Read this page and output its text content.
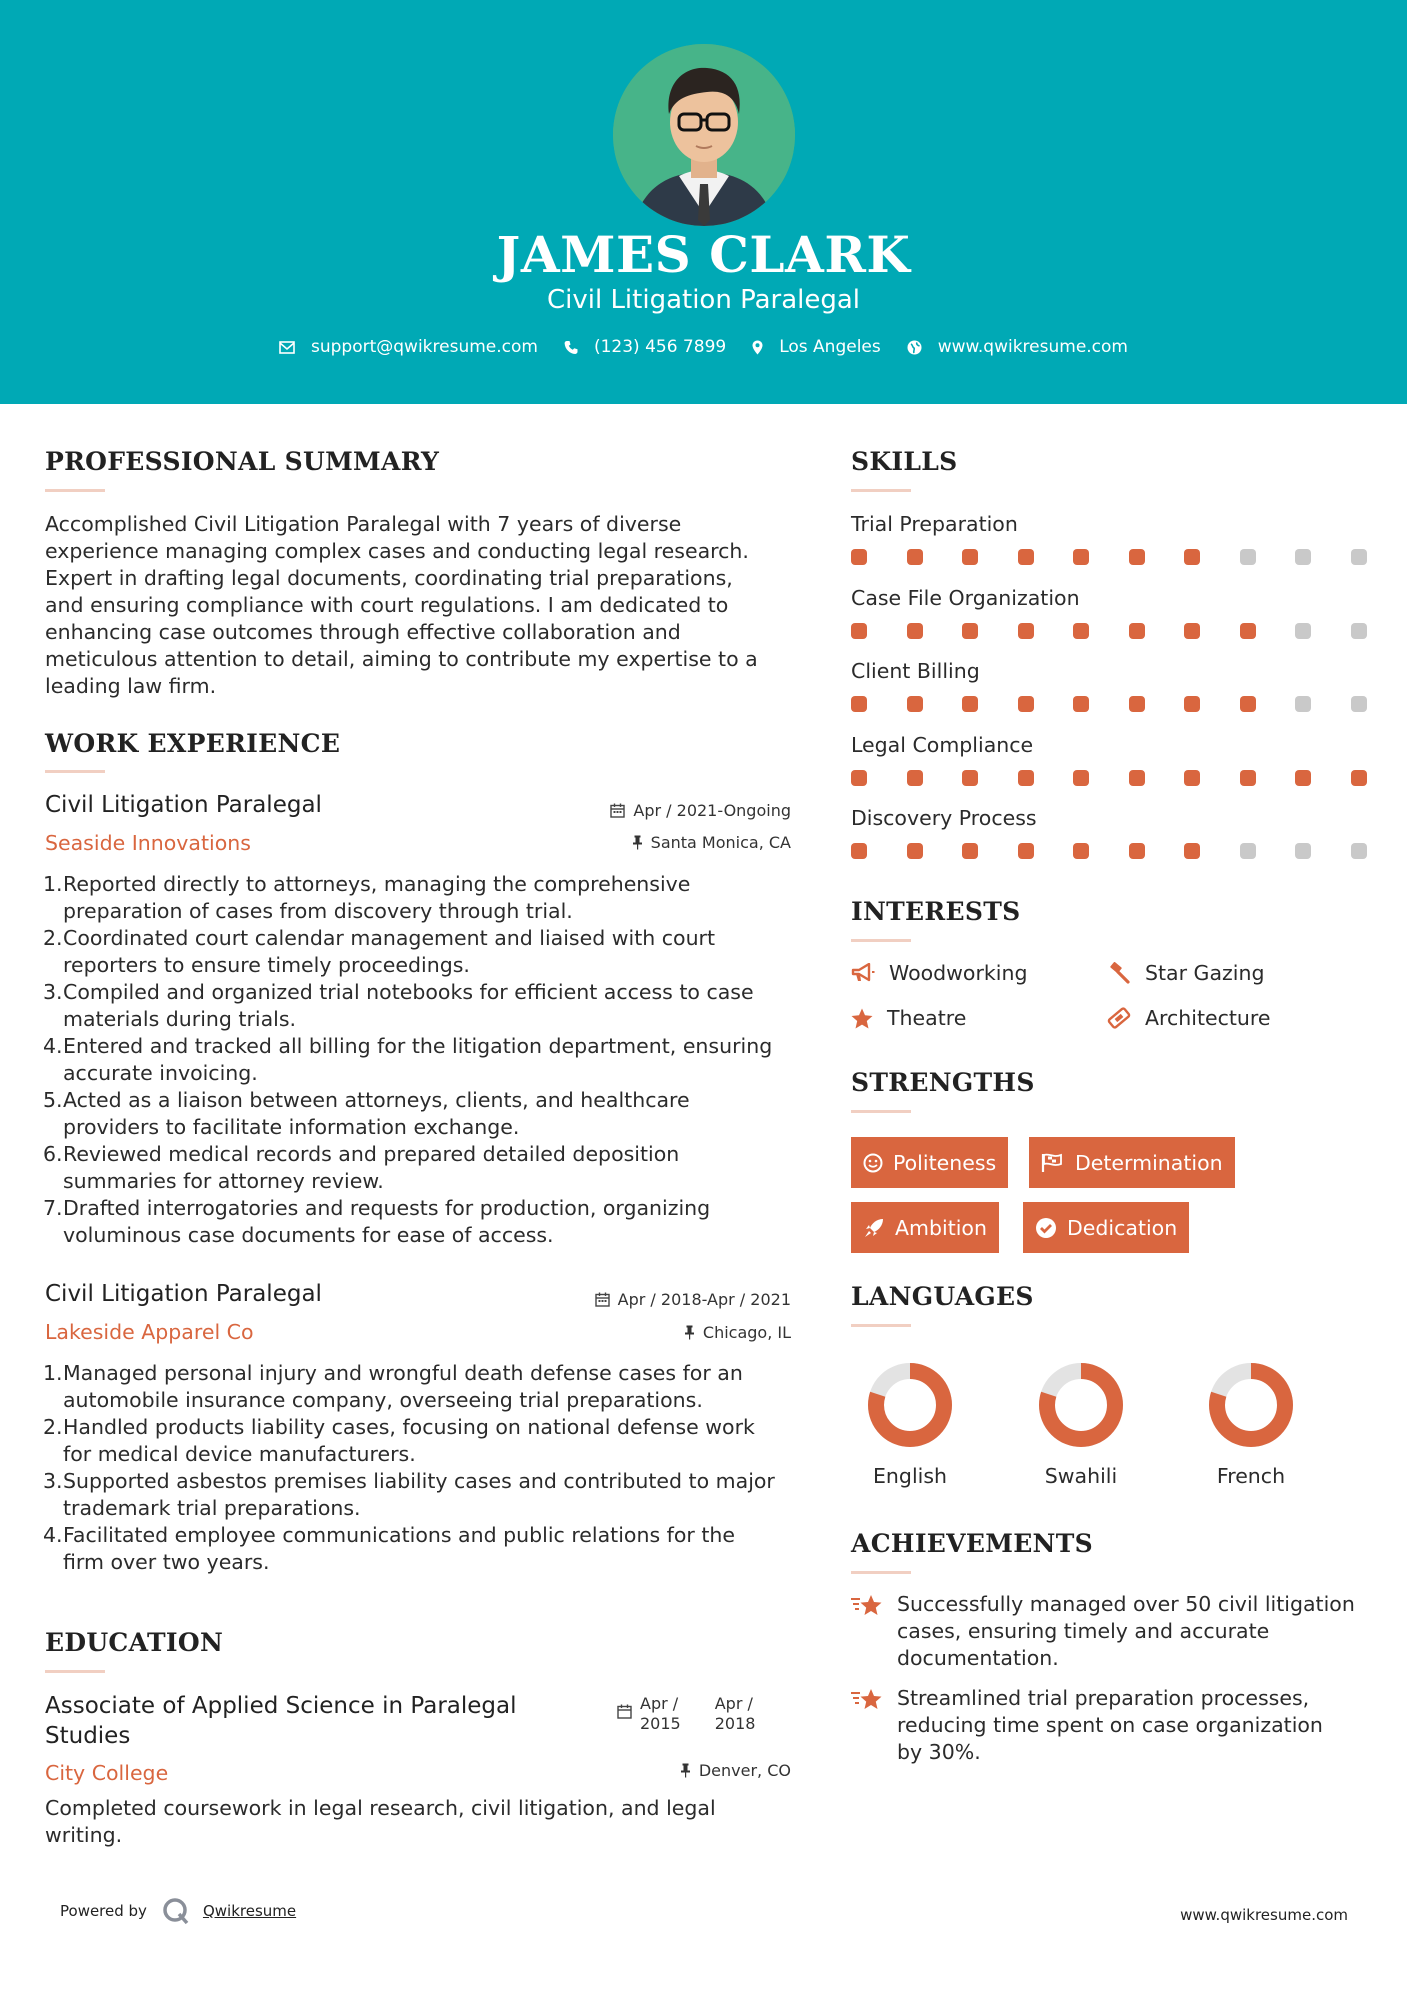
JAMES CLARK
Civil Litigation Paralegal
support@qwikresume.com	(123) 456 7899	Los Angeles	www.qwikresume.com
PROFESSIONAL SUMMARY
Accomplished Civil Litigation Paralegal with 7 years of diverse
experience managing complex cases and conducting legal research.
Expert in drafting legal documents, coordinating trial preparations,
and ensuring compliance with court regulations. I am dedicated to
enhancing case outcomes through effective collaboration and
meticulous attention to detail, aiming to contribute my expertise to a
leading law firm.
WORK EXPERIENCE
Civil Litigation Paralegal
Seaside Innovations
Apr / 2021-Ongoing
Santa Monica, CA
1. Reported directly to attorneys, managing the comprehensive
preparation of cases from discovery through trial.
2. Coordinated court calendar management and liaised with court
reporters to ensure timely proceedings.
3. Compiled and organized trial notebooks for efficient access to case
materials during trials.
4. Entered and tracked all billing for the litigation department, ensuring
accurate invoicing.
5. Acted as a liaison between attorneys, clients, and healthcare
providers to facilitate information exchange.
6. Reviewed medical records and prepared detailed deposition
summaries for attorney review.
7. Drafted interrogatories and requests for production, organizing
voluminous case documents for ease of access.
Civil Litigation Paralegal
Lakeside Apparel Co
Apr / 2018-Apr / 2021
Chicago, IL
1. Managed personal injury and wrongful death defense cases for an
automobile insurance company, overseeing trial preparations.
2. Handled products liability cases, focusing on national defense work
for medical device manufacturers.
3. Supported asbestos premises liability cases and contributed to major
trademark trial preparations.
4. Facilitated employee communications and public relations for the
firm over two years.
EDUCATION
Associate of Applied Science in Paralegal
Studies
City College
Apr /
2015
Apr /
2018
Denver, CO
Completed coursework in legal research, civil litigation, and legal
writing.
SKILLS
Trial Preparation
Case File Organization
Client Billing
Legal Compliance
Discovery Process
INTERESTS
Woodworking	Star Gazing
Theatre	Architecture
STRENGTHS
Politeness	Determination
Ambition	Dedication
LANGUAGES
English	Swahili	French
ACHIEVEMENTS
Successfully managed over 50 civil litigation
cases, ensuring timely and accurate
documentation.
Streamlined trial preparation processes,
reducing time spent on case organization
by 30%.
Powered by	Qwikresume	www.qwikresume.com
